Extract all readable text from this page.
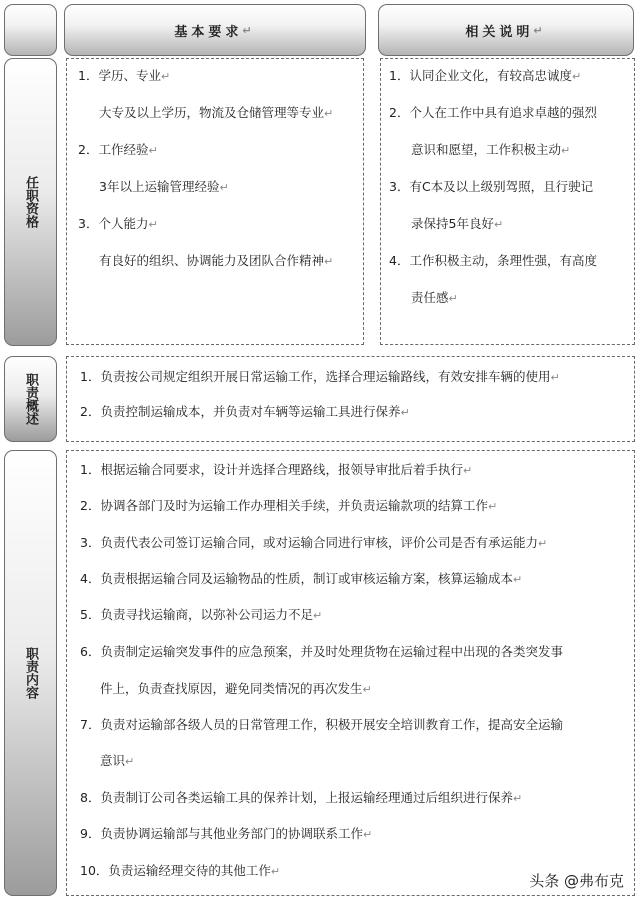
基本要求 ↵	相关说明 ↵
任职资格
职责概述
职责内容
1．学历、专业↵
大专及以上学历，物流及仓储管理等专业↵
2．工作经验↵
3年以上运输管理经验↵
3．个人能力↵
有良好的组织、协调能力及团队合作精神↵
1．认同企业文化，有较高忠诚度↵
2．个人在工作中具有追求卓越的强烈
意识和愿望，工作积极主动↵
3．有C本及以上级别驾照，且行驶记
录保持5年良好↵
4．工作积极主动，条理性强，有高度
责任感↵
1．负责按公司规定组织开展日常运输工作，选择合理运输路线，有效安排车辆的使用↵
2．负责控制运输成本，并负责对车辆等运输工具进行保养↵
1．根据运输合同要求，设计并选择合理路线，报领导审批后着手执行↵
2．协调各部门及时为运输工作办理相关手续，并负责运输款项的结算工作↵
3．负责代表公司签订运输合同，或对运输合同进行审核，评价公司是否有承运能力↵
4．负责根据运输合同及运输物品的性质，制订或审核运输方案，核算运输成本↵
5．负责寻找运输商，以弥补公司运力不足↵
6．负责制定运输突发事件的应急预案，并及时处理货物在运输过程中出现的各类突发事
件上，负责查找原因，避免同类情况的再次发生↵
7．负责对运输部各级人员的日常管理工作，积极开展安全培训教育工作，提高安全运输
意识↵
8．负责制订公司各类运输工具的保养计划，上报运输经理通过后组织进行保养↵
9．负责协调运输部与其他业务部门的协调联系工作↵
10．负责运输经理交待的其他工作↵
头条 @弗布克
